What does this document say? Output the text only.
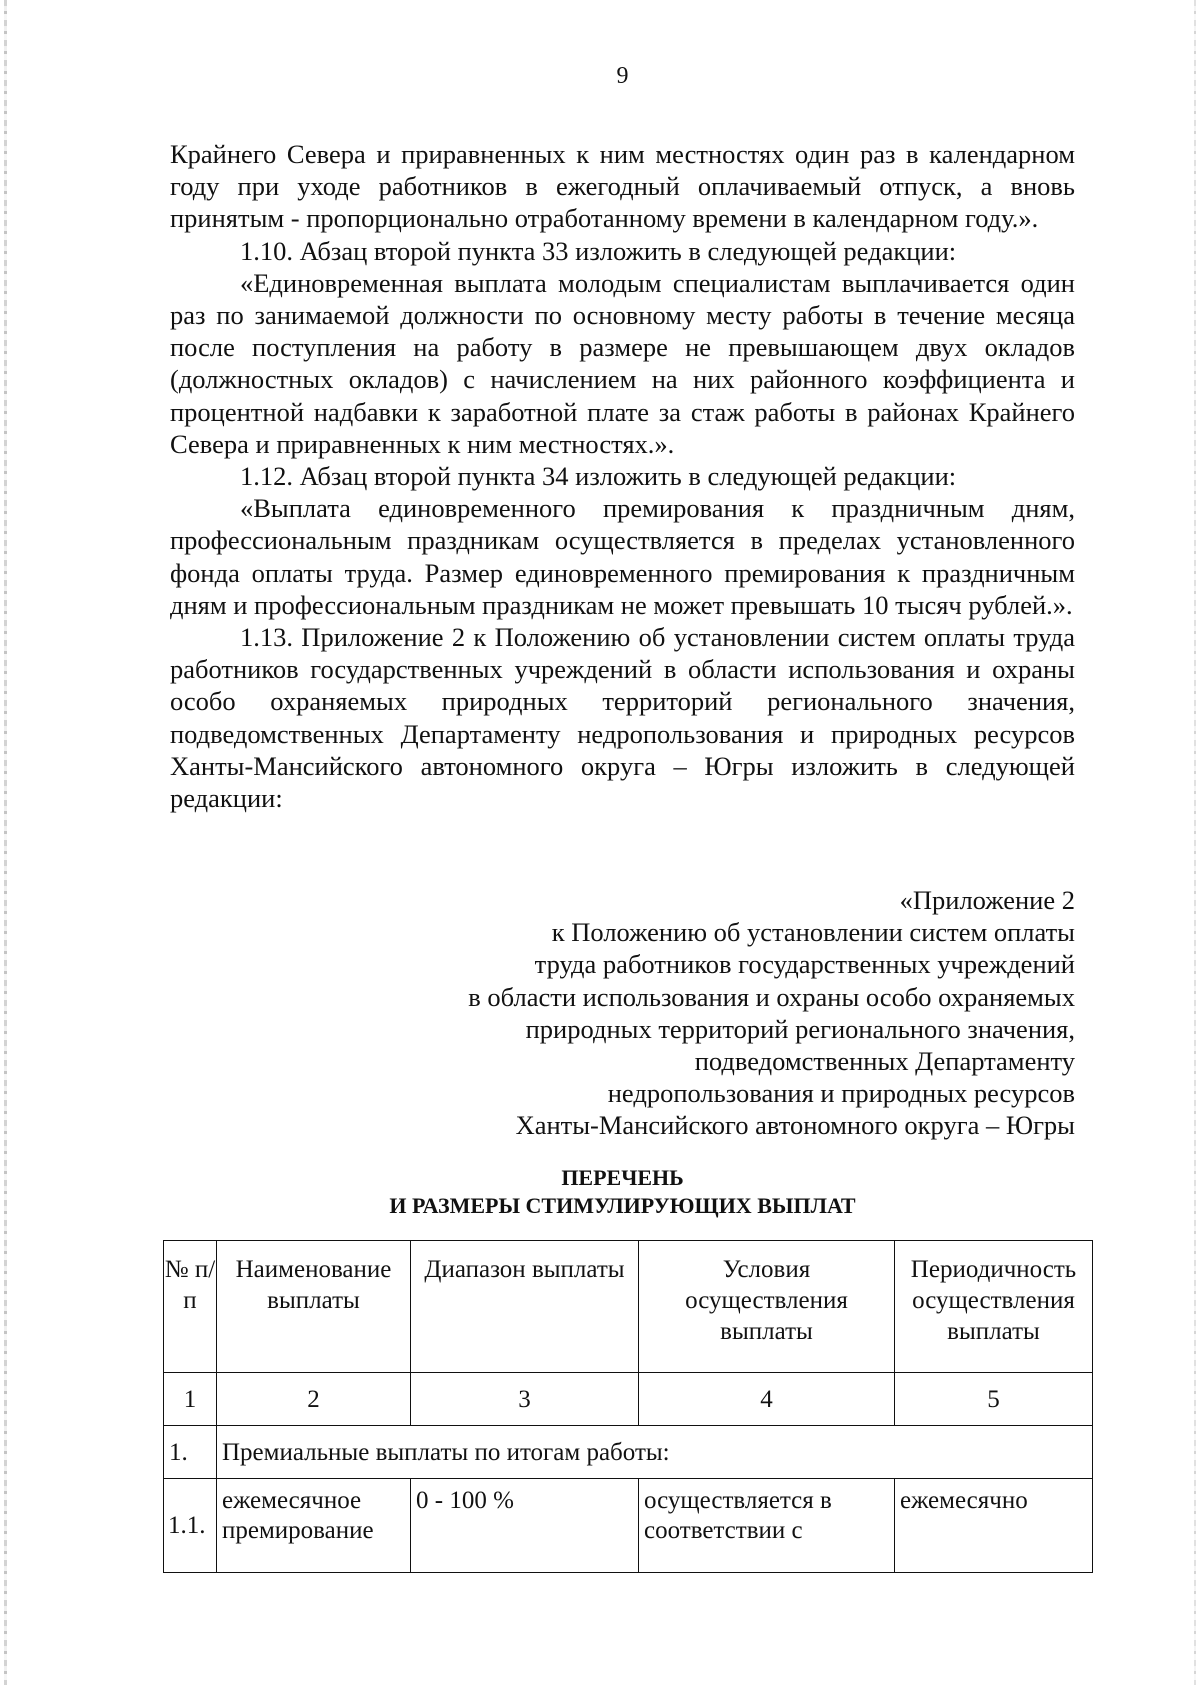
9

Крайнего Севера и приравненных к ним местностях один раз в календарном году при уходе работников в ежегодный оплачиваемый отпуск, а вновь принятым - пропорционально отработанному времени в календарном году.».

1.10. Абзац второй пункта 33 изложить в следующей редакции:

«Единовременная выплата молодым специалистам выплачивается один раз по занимаемой должности по основному месту работы в течение месяца после поступления на работу в размере не превышающем двух окладов (должностных окладов) с начислением на них районного коэффициента и процентной надбавки к заработной плате за стаж работы в районах Крайнего Севера и приравненных к ним местностях.».

1.12. Абзац второй пункта 34 изложить в следующей редакции:

«Выплата единовременного премирования к праздничным дням, профессиональным праздникам осуществляется в пределах установленного фонда оплаты труда. Размер единовременного премирования к праздничным дням и профессиональным праздникам не может превышать 10 тысяч рублей.».

1.13. Приложение 2 к Положению об установлении систем оплаты труда работников государственных учреждений в области использования и охраны особо охраняемых природных территорий регионального значения, подведомственных Департаменту недропользования и природных ресурсов Ханты-Мансийского автономного округа – Югры изложить в следующей редакции:

«Приложение 2
к Положению об установлении систем оплаты
труда работников государственных учреждений
в области использования и охраны особо охраняемых
природных территорий регионального значения,
подведомственных Департаменту
недропользования и природных ресурсов
Ханты-Мансийского автономного округа – Югры
ПЕРЕЧЕНЬ
И РАЗМЕРЫ СТИМУЛИРУЮЩИХ ВЫПЛАТ
№ п/п	Наименование выплаты	Диапазон выплаты	Условия осуществления выплаты	Периодичность осуществления выплаты
1	2	3	4	5
1.	Премиальные выплаты по итогам работы:			
1.1.	ежемесячное премирование	0 - 100 %	осуществляется в соответствии с	ежемесячно
